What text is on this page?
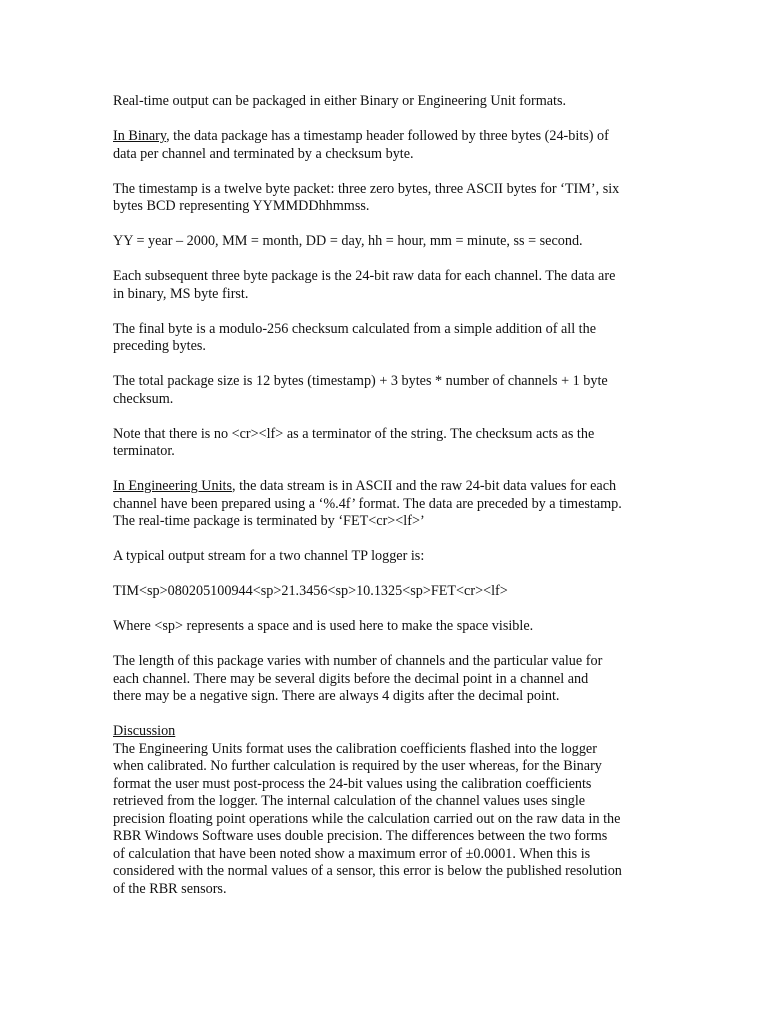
Real-time output can be packaged in either Binary or Engineering Unit formats.

In Binary, the data package has a timestamp header followed by three bytes (24-bits) of
data per channel and terminated by a checksum byte.

The timestamp is a twelve byte packet: three zero bytes, three ASCII bytes for ‘TIM’, six
bytes BCD representing YYMMDDhhmmss.

YY = year – 2000, MM = month, DD = day, hh = hour, mm = minute, ss = second.

Each subsequent three byte package is the 24-bit raw data for each channel. The data are
in binary, MS byte first.

The final byte is a modulo-256 checksum calculated from a simple addition of all the
preceding bytes.

The total package size is 12 bytes (timestamp) + 3 bytes * number of channels + 1 byte
checksum.

Note that there is no <cr><lf> as a terminator of the string. The checksum acts as the
terminator.

In Engineering Units, the data stream is in ASCII and the raw 24-bit data values for each
channel have been prepared using a ‘%.4f’ format. The data are preceded by a timestamp.
The real-time package is terminated by ‘FET<cr><lf>’

A typical output stream for a two channel TP logger is:

TIM<sp>080205100944<sp>21.3456<sp>10.1325<sp>FET<cr><lf>

Where <sp> represents a space and is used here to make the space visible.

The length of this package varies with number of channels and the particular value for
each channel. There may be several digits before the decimal point in a channel and
there may be a negative sign. There are always 4 digits after the decimal point.

Discussion

The Engineering Units format uses the calibration coefficients flashed into the logger
when calibrated. No further calculation is required by the user whereas, for the Binary
format the user must post-process the 24-bit values using the calibration coefficients
retrieved from the logger. The internal calculation of the channel values uses single
precision floating point operations while the calculation carried out on the raw data in the
RBR Windows Software uses double precision. The differences between the two forms
of calculation that have been noted show a maximum error of ±0.0001. When this is
considered with the normal values of a sensor, this error is below the published resolution
of the RBR sensors.
